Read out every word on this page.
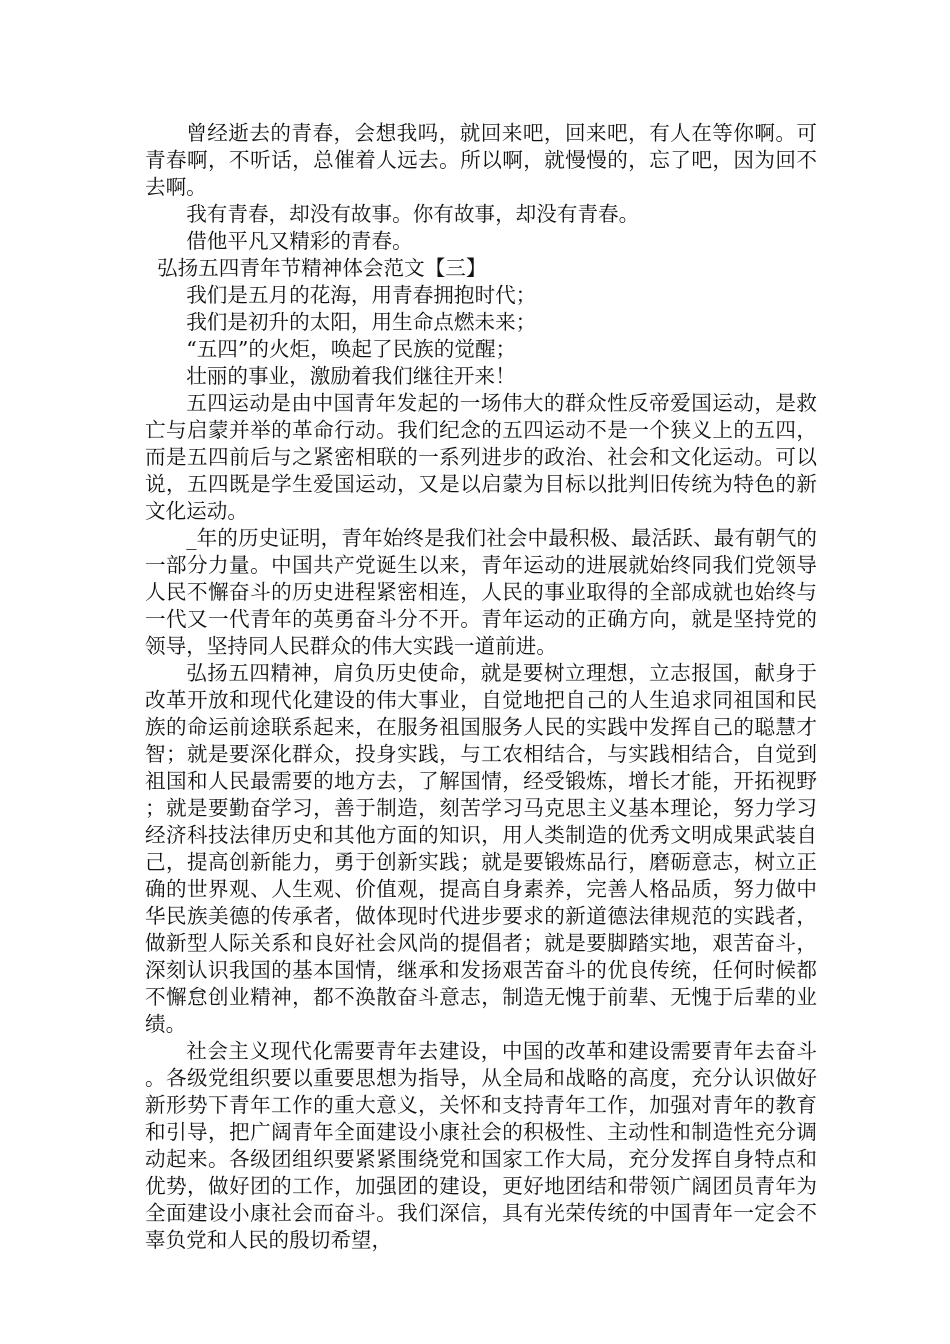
曾经逝去的青春，会想我吗，就回来吧，回来吧，有人在等你啊。可青春啊，不听话，总催着人远去。所以啊，就慢慢的，忘了吧，因为回不去啊。

我有青春，却没有故事。你有故事，却没有青春。

借他平凡又精彩的青春。

弘扬五四青年节精神体会范文【三】

我们是五月的花海，用青春拥抱时代；

我们是初升的太阳，用生命点燃未来；

“五四”的火炬，唤起了民族的觉醒；

壮丽的事业，激励着我们继往开来！

五四运动是由中国青年发起的一场伟大的群众性反帝爱国运动，是救亡与启蒙并举的革命行动。我们纪念的五四运动不是一个狭义上的五四，而是五四前后与之紧密相联的一系列进步的政治、社会和文化运动。可以说，五四既是学生爱国运动，又是以启蒙为目标以批判旧传统为特色的新文化运动。

_年的历史证明，青年始终是我们社会中最积极、最活跃、最有朝气的一部分力量。中国共产党诞生以来，青年运动的进展就始终同我们党领导人民不懈奋斗的历史进程紧密相连，人民的事业取得的全部成就也始终与一代又一代青年的英勇奋斗分不开。青年运动的正确方向，就是坚持党的领导，坚持同人民群众的伟大实践一道前进。

弘扬五四精神，肩负历史使命，就是要树立理想，立志报国，献身于改革开放和现代化建设的伟大事业，自觉地把自己的人生追求同祖国和民族的命运前途联系起来，在服务祖国服务人民的实践中发挥自己的聪慧才智；就是要深化群众，投身实践，与工农相结合，与实践相结合，自觉到祖国和人民最需要的地方去，了解国情，经受锻炼，增长才能，开拓视野；就是要勤奋学习，善于制造，刻苦学习马克思主义基本理论，努力学习经济科技法律历史和其他方面的知识，用人类制造的优秀文明成果武装自己，提高创新能力，勇于创新实践；就是要锻炼品行，磨砺意志，树立正确的世界观、人生观、价值观，提高自身素养，完善人格品质，努力做中华民族美德的传承者，做体现时代进步要求的新道德法律规范的实践者，做新型人际关系和良好社会风尚的提倡者；就是要脚踏实地，艰苦奋斗，深刻认识我国的基本国情，继承和发扬艰苦奋斗的优良传统，任何时候都不懈怠创业精神，都不涣散奋斗意志，制造无愧于前辈、无愧于后辈的业绩。

社会主义现代化需要青年去建设，中国的改革和建设需要青年去奋斗。各级党组织要以重要思想为指导，从全局和战略的高度，充分认识做好新形势下青年工作的重大意义，关怀和支持青年工作，加强对青年的教育和引导，把广阔青年全面建设小康社会的积极性、主动性和制造性充分调动起来。各级团组织要紧紧围绕党和国家工作大局，充分发挥自身特点和优势，做好团的工作，加强团的建设，更好地团结和带领广阔团员青年为全面建设小康社会而奋斗。我们深信，具有光荣传统的中国青年一定会不辜负党和人民的殷切希望，
